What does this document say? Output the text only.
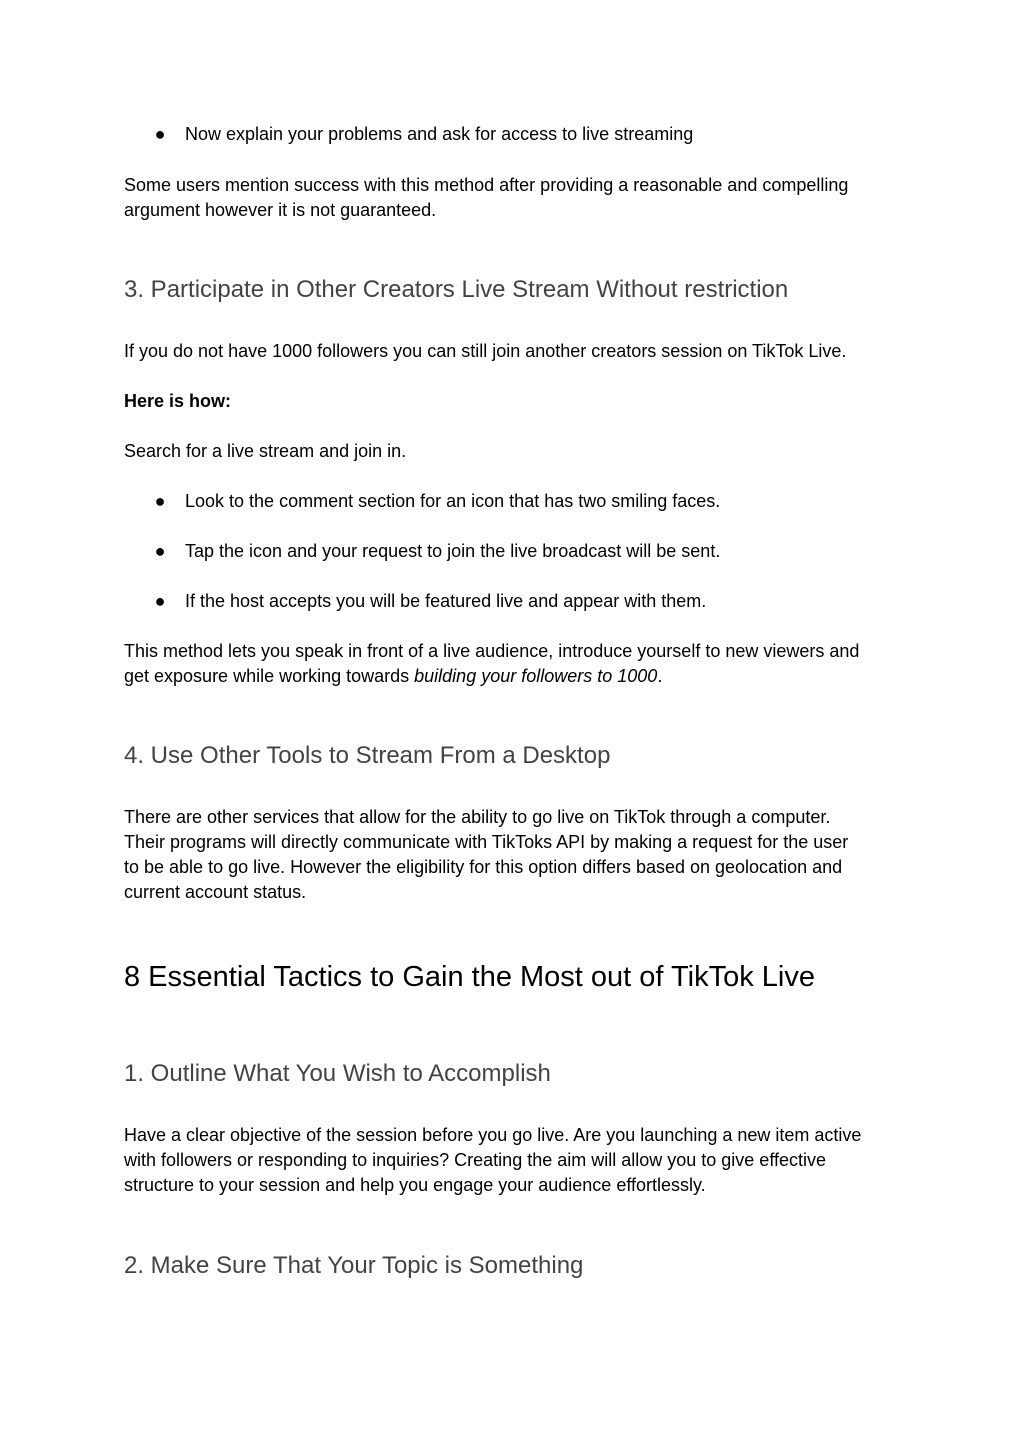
● Now explain your problems and ask for access to live streaming

Some users mention success with this method after providing a reasonable and compelling

argument however it is not guaranteed.

3. Participate in Other Creators Live Stream Without restriction

If you do not have 1000 followers you can still join another creators session on TikTok Live.

Here is how:

Search for a live stream and join in.

● Look to the comment section for an icon that has two smiling faces.
● Tap the icon and your request to join the live broadcast will be sent.
● If the host accepts you will be featured live and appear with them.

This method lets you speak in front of a live audience, introduce yourself to new viewers and

get exposure while working towards building your followers to 1000.

4. Use Other Tools to Stream From a Desktop

There are other services that allow for the ability to go live on TikTok through a computer.

Their programs will directly communicate with TikToks API by making a request for the user

to be able to go live. However the eligibility for this option differs based on geolocation and

current account status.

8 Essential Tactics to Gain the Most out of TikTok Live
1. Outline What You Wish to Accomplish

Have a clear objective of the session before you go live. Are you launching a new item active

with followers or responding to inquiries? Creating the aim will allow you to give effective

structure to your session and help you engage your audience effortlessly.

2. Make Sure That Your Topic is Something
